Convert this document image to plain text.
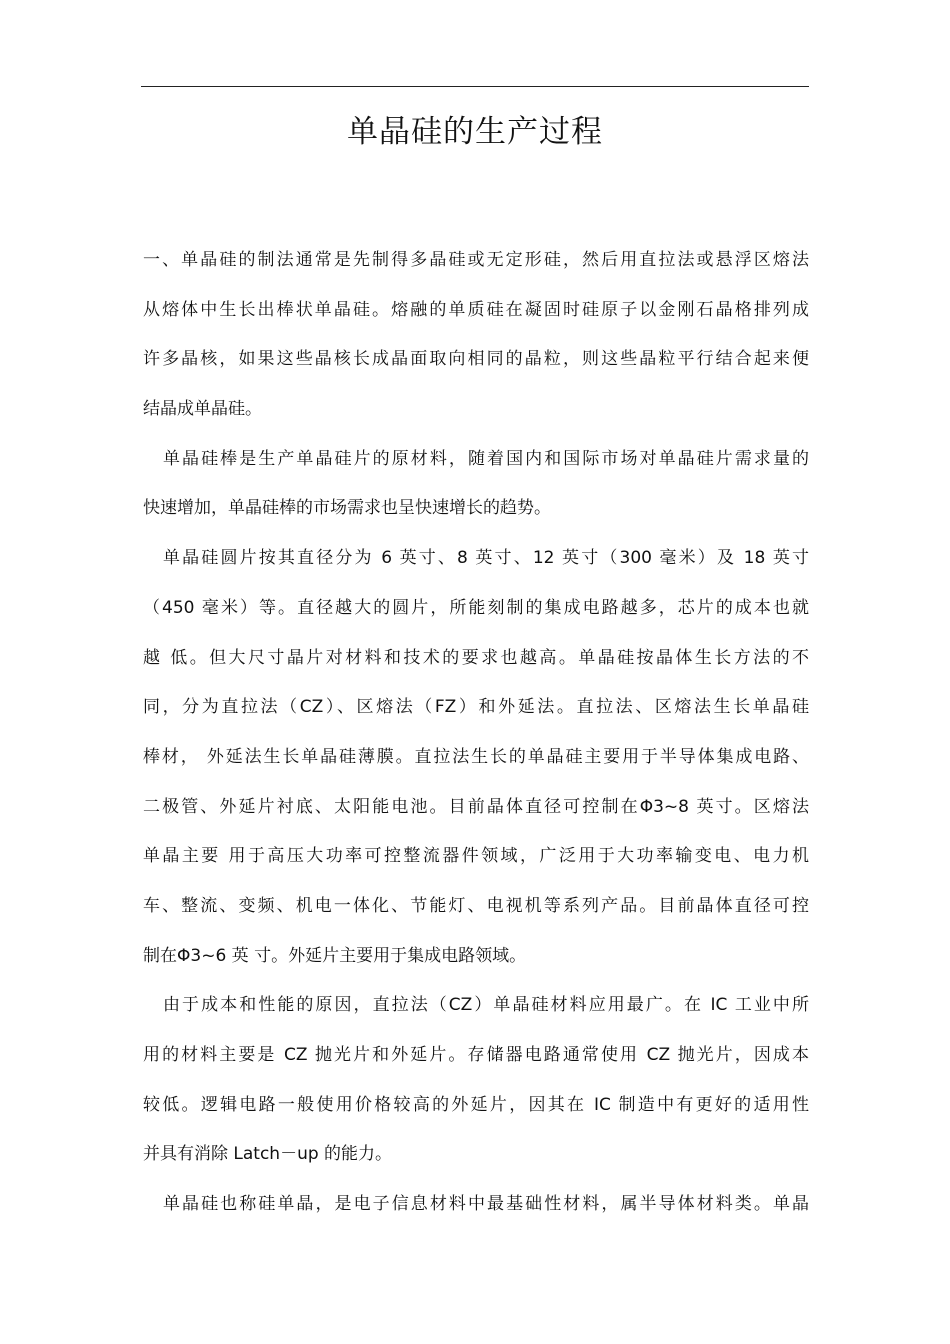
单晶硅的生产过程
一、单晶硅的制法通常是先制得多晶硅或无定形硅，然后用直拉法或悬浮区熔法
从熔体中生长出棒状单晶硅。熔融的单质硅在凝固时硅原子以金刚石晶格排列成
许多晶核，如果这些晶核长成晶面取向相同的晶粒，则这些晶粒平行结合起来便
结晶成单晶硅。
单晶硅棒是生产单晶硅片的原材料，随着国内和国际市场对单晶硅片需求量的
快速增加，单晶硅棒的市场需求也呈快速增长的趋势。
单晶硅圆片按其直径分为 6 英寸、8 英寸、12 英寸（300 毫米）及 18 英寸
（450 毫米）等。直径越大的圆片，所能刻制的集成电路越多，芯片的成本也就
越 低。但大尺寸晶片对材料和技术的要求也越高。单晶硅按晶体生长方法的不
同，分为直拉法（CZ）、区熔法（FZ）和外延法。直拉法、区熔法生长单晶硅
棒材， 外延法生长单晶硅薄膜。直拉法生长的单晶硅主要用于半导体集成电路、
二极管、外延片衬底、太阳能电池。目前晶体直径可控制在Φ3~8 英寸。区熔法
单晶主要 用于高压大功率可控整流器件领域，广泛用于大功率输变电、电力机
车、整流、变频、机电一体化、节能灯、电视机等系列产品。目前晶体直径可控
制在Φ3~6 英 寸。外延片主要用于集成电路领域。
由于成本和性能的原因，直拉法（CZ）单晶硅材料应用最广。在 IC 工业中所
用的材料主要是 CZ 抛光片和外延片。存储器电路通常使用 CZ 抛光片，因成本
较低。逻辑电路一般使用价格较高的外延片，因其在 IC 制造中有更好的适用性
并具有消除 Latch－up 的能力。
单晶硅也称硅单晶，是电子信息材料中最基础性材料，属半导体材料类。单晶
